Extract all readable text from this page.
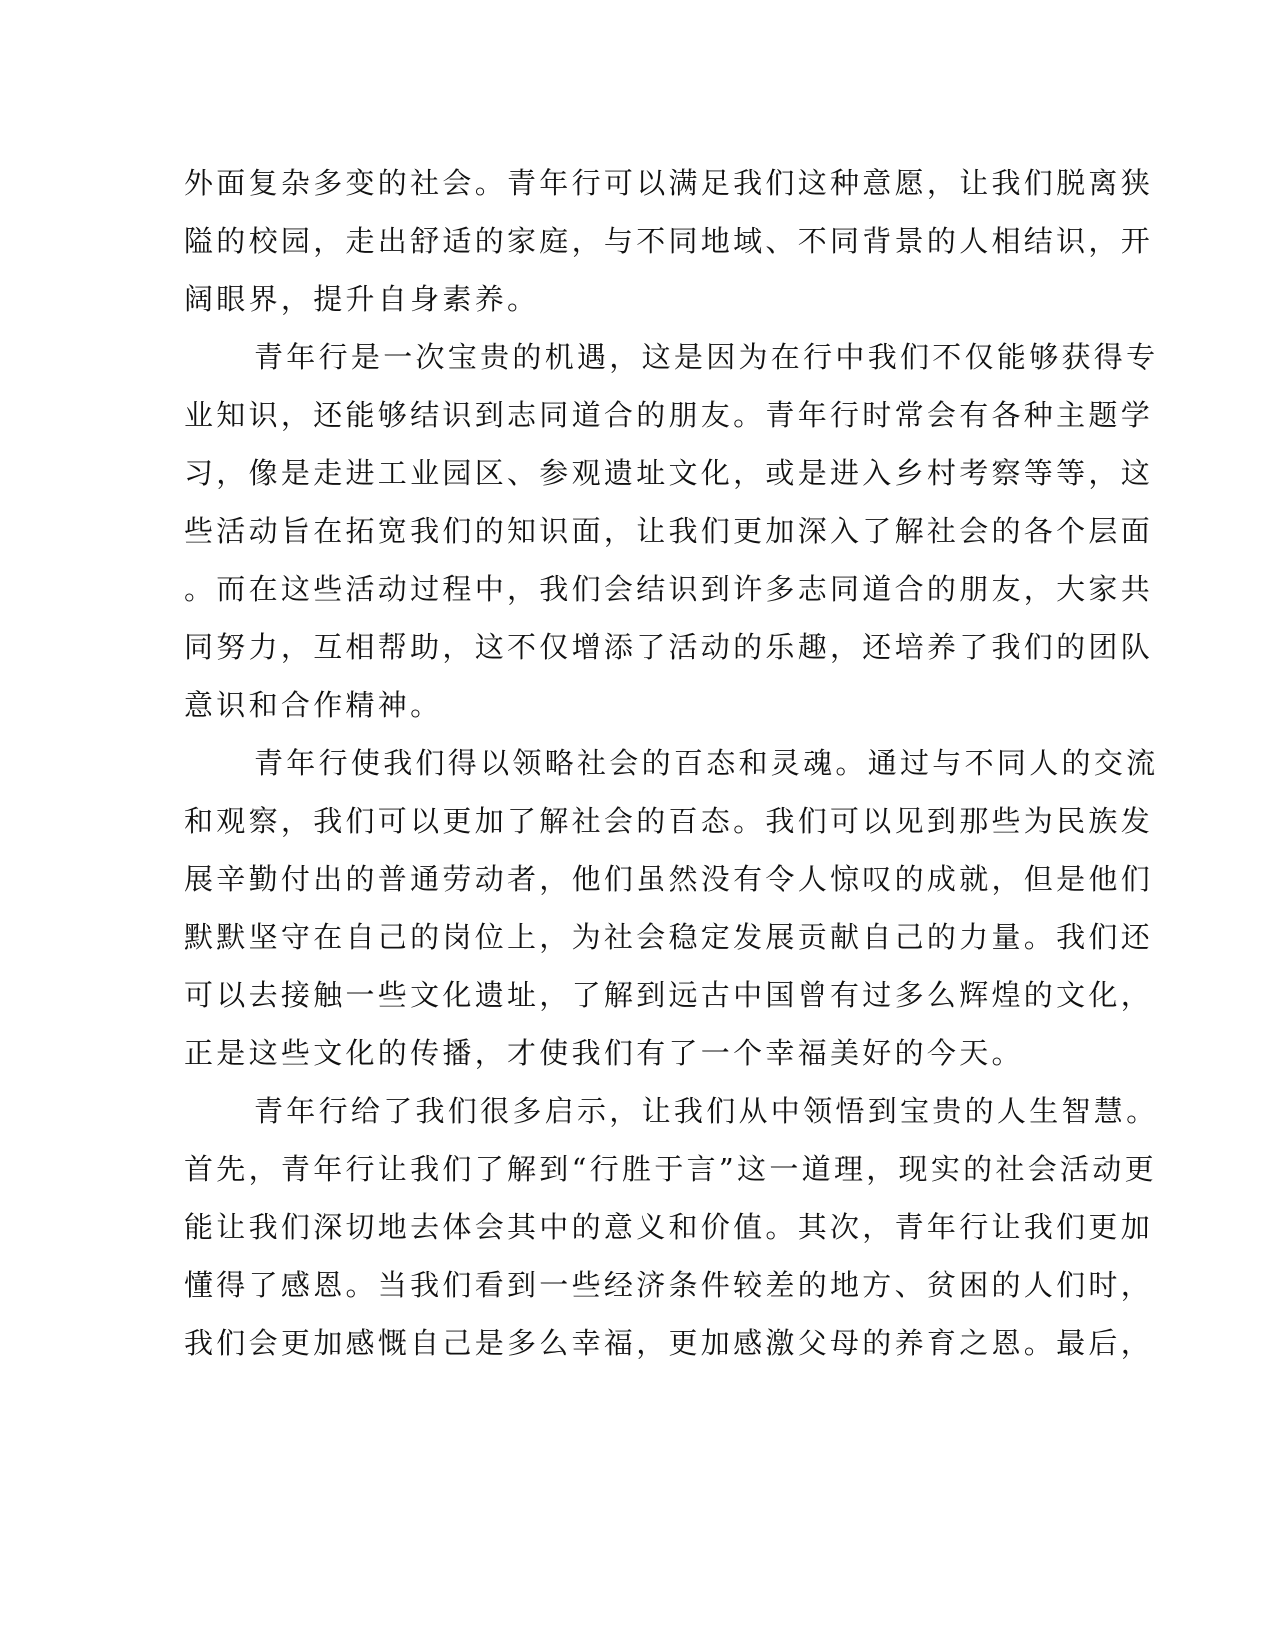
外面复杂多变的社会。青年行可以满足我们这种意愿，让我们脱离狭
隘的校园，走出舒适的家庭，与不同地域、不同背景的人相结识，开
阔眼界，提升自身素养。
青年行是一次宝贵的机遇，这是因为在行中我们不仅能够获得专
业知识，还能够结识到志同道合的朋友。青年行时常会有各种主题学
习，像是走进工业园区、参观遗址文化，或是进入乡村考察等等，这
些活动旨在拓宽我们的知识面，让我们更加深入了解社会的各个层面
。而在这些活动过程中，我们会结识到许多志同道合的朋友，大家共
同努力，互相帮助，这不仅增添了活动的乐趣，还培养了我们的团队
意识和合作精神。
青年行使我们得以领略社会的百态和灵魂。通过与不同人的交流
和观察，我们可以更加了解社会的百态。我们可以见到那些为民族发
展辛勤付出的普通劳动者，他们虽然没有令人惊叹的成就，但是他们
默默坚守在自己的岗位上，为社会稳定发展贡献自己的力量。我们还
可以去接触一些文化遗址，了解到远古中国曾有过多么辉煌的文化，
正是这些文化的传播，才使我们有了一个幸福美好的今天。
青年行给了我们很多启示，让我们从中领悟到宝贵的人生智慧。
首先，青年行让我们了解到“行胜于言”这一道理，现实的社会活动更
能让我们深切地去体会其中的意义和价值。其次，青年行让我们更加
懂得了感恩。当我们看到一些经济条件较差的地方、贫困的人们时，
我们会更加感慨自己是多么幸福，更加感激父母的养育之恩。最后，
